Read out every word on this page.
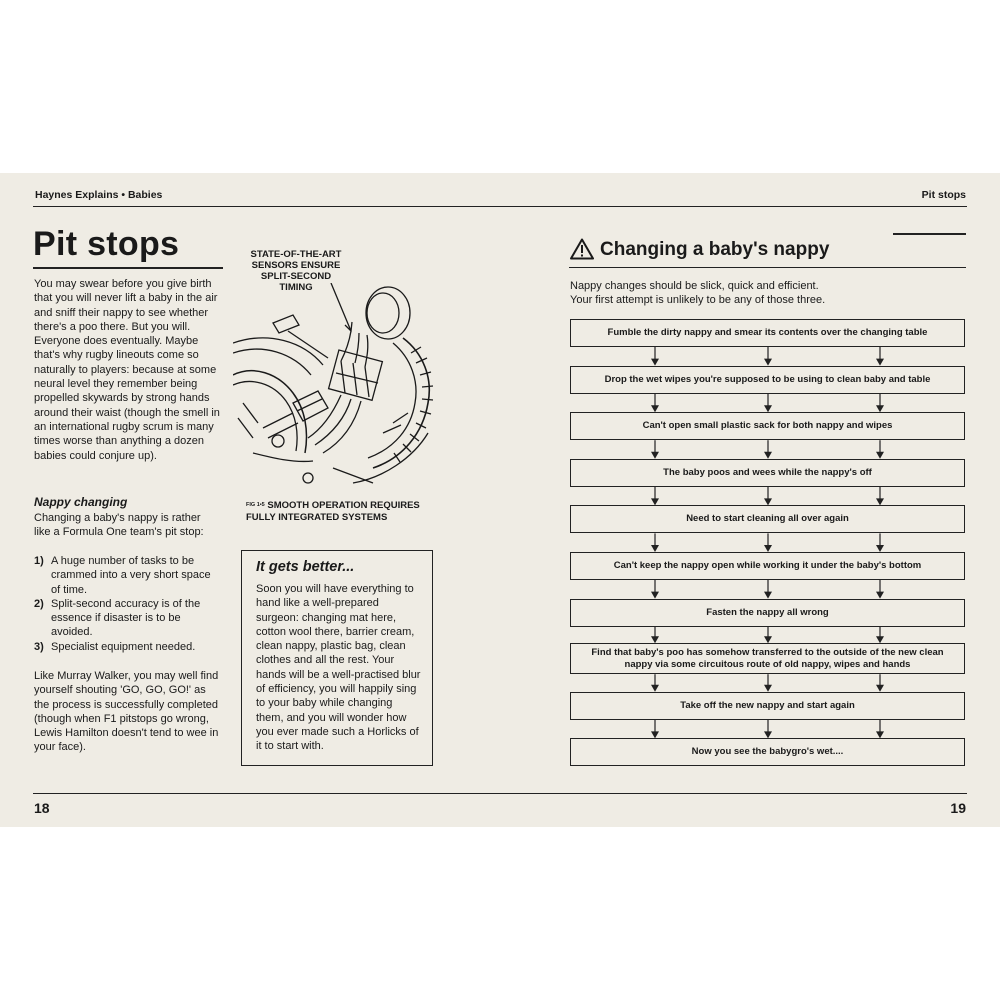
Haynes Explains • Babies	Pit stops
Pit stops
You may swear before you give birth that you will never lift a baby in the air and sniff their nappy to see whether there's a poo there. But you will. Everyone does eventually. Maybe that's why rugby lineouts come so naturally to players: because at some neural level they remember being propelled skywards by strong hands around their waist (though the smell in an international rugby scrum is many times worse than anything a dozen babies could conjure up).
Nappy changing
Changing a baby's nappy is rather like a Formula One team's pit stop:
1) A huge number of tasks to be crammed into a very short space of time.
2) Split-second accuracy is of the essence if disaster is to be avoided.
3) Specialist equipment needed.
Like Murray Walker, you may well find yourself shouting 'GO, GO, GO!' as the process is successfully completed (though when F1 pitstops go wrong, Lewis Hamilton doesn't tend to wee in your face).
STATE-OF-THE-ART SENSORS ENSURE SPLIT-SECOND TIMING
$^{FIG 1•5}$ SMOOTH OPERATION REQUIRES FULLY INTEGRATED SYSTEMS
It gets better...
Soon you will have everything to hand like a well-prepared surgeon: changing mat here, cotton wool there, barrier cream, clean nappy, plastic bag, clean clothes and all the rest. Your hands will be a well-practised blur of efficiency, you will happily sing to your baby while changing them, and you will wonder how you ever made such a Horlicks of it to start with.
18	19
Changing a baby's nappy
Nappy changes should be slick, quick and efficient.
Your first attempt is unlikely to be any of those three.
Fumble the dirty nappy and smear its contents over the changing table
Drop the wet wipes you're supposed to be using to clean baby and table
Can't open small plastic sack for both nappy and wipes
The baby poos and wees while the nappy's off
Need to start cleaning all over again
Can't keep the nappy open while working it under the baby's bottom
Fasten the nappy all wrong
Find that baby's poo has somehow transferred to the outside of the new clean nappy via some circuitous route of old nappy, wipes and hands
Take off the new nappy and start again
Now you see the babygro's wet....
